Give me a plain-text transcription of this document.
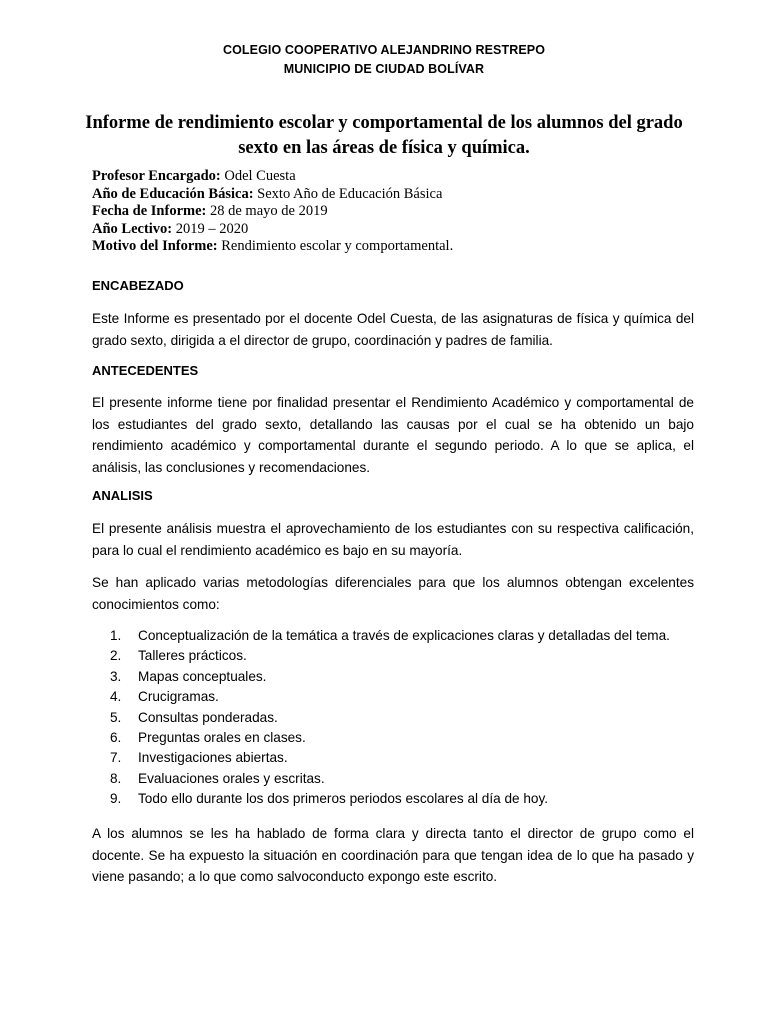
COLEGIO COOPERATIVO ALEJANDRINO RESTREPO
MUNICIPIO DE CIUDAD BOLÍVAR
Informe de rendimiento escolar y comportamental de los alumnos del grado
sexto en las áreas de física y química.
Profesor Encargado: Odel Cuesta
Año de Educación Básica: Sexto Año de Educación Básica
Fecha de Informe: 28 de mayo de 2019
Año Lectivo: 2019 – 2020
Motivo del Informe: Rendimiento escolar y comportamental.
ENCABEZADO
Este Informe es presentado por el docente Odel Cuesta, de las asignaturas de física y química del grado sexto, dirigida a el director de grupo, coordinación y padres de familia.
ANTECEDENTES
El presente informe tiene por finalidad presentar el Rendimiento Académico y comportamental de los estudiantes del grado sexto, detallando las causas por el cual se ha obtenido un bajo rendimiento académico y comportamental durante el segundo periodo. A lo que se aplica, el análisis, las conclusiones y recomendaciones.
ANALISIS
El presente análisis muestra el aprovechamiento de los estudiantes con su respectiva calificación, para lo cual el rendimiento académico es bajo en su mayoría.
Se han aplicado varias metodologías diferenciales para que los alumnos obtengan excelentes conocimientos como:
1.	Conceptualización de la temática a través de explicaciones claras y detalladas del tema.
2.	Talleres prácticos.
3.	Mapas conceptuales.
4.	Crucigramas.
5.	Consultas ponderadas.
6.	Preguntas orales en clases.
7.	Investigaciones abiertas.
8.	Evaluaciones orales y escritas.
9.	Todo ello durante los dos primeros periodos escolares al día de hoy.
A los alumnos se les ha hablado de forma clara y directa tanto el director de grupo como el docente. Se ha expuesto la situación en coordinación para que tengan idea de lo que ha pasado y viene pasando; a lo que como salvoconducto expongo este escrito.
